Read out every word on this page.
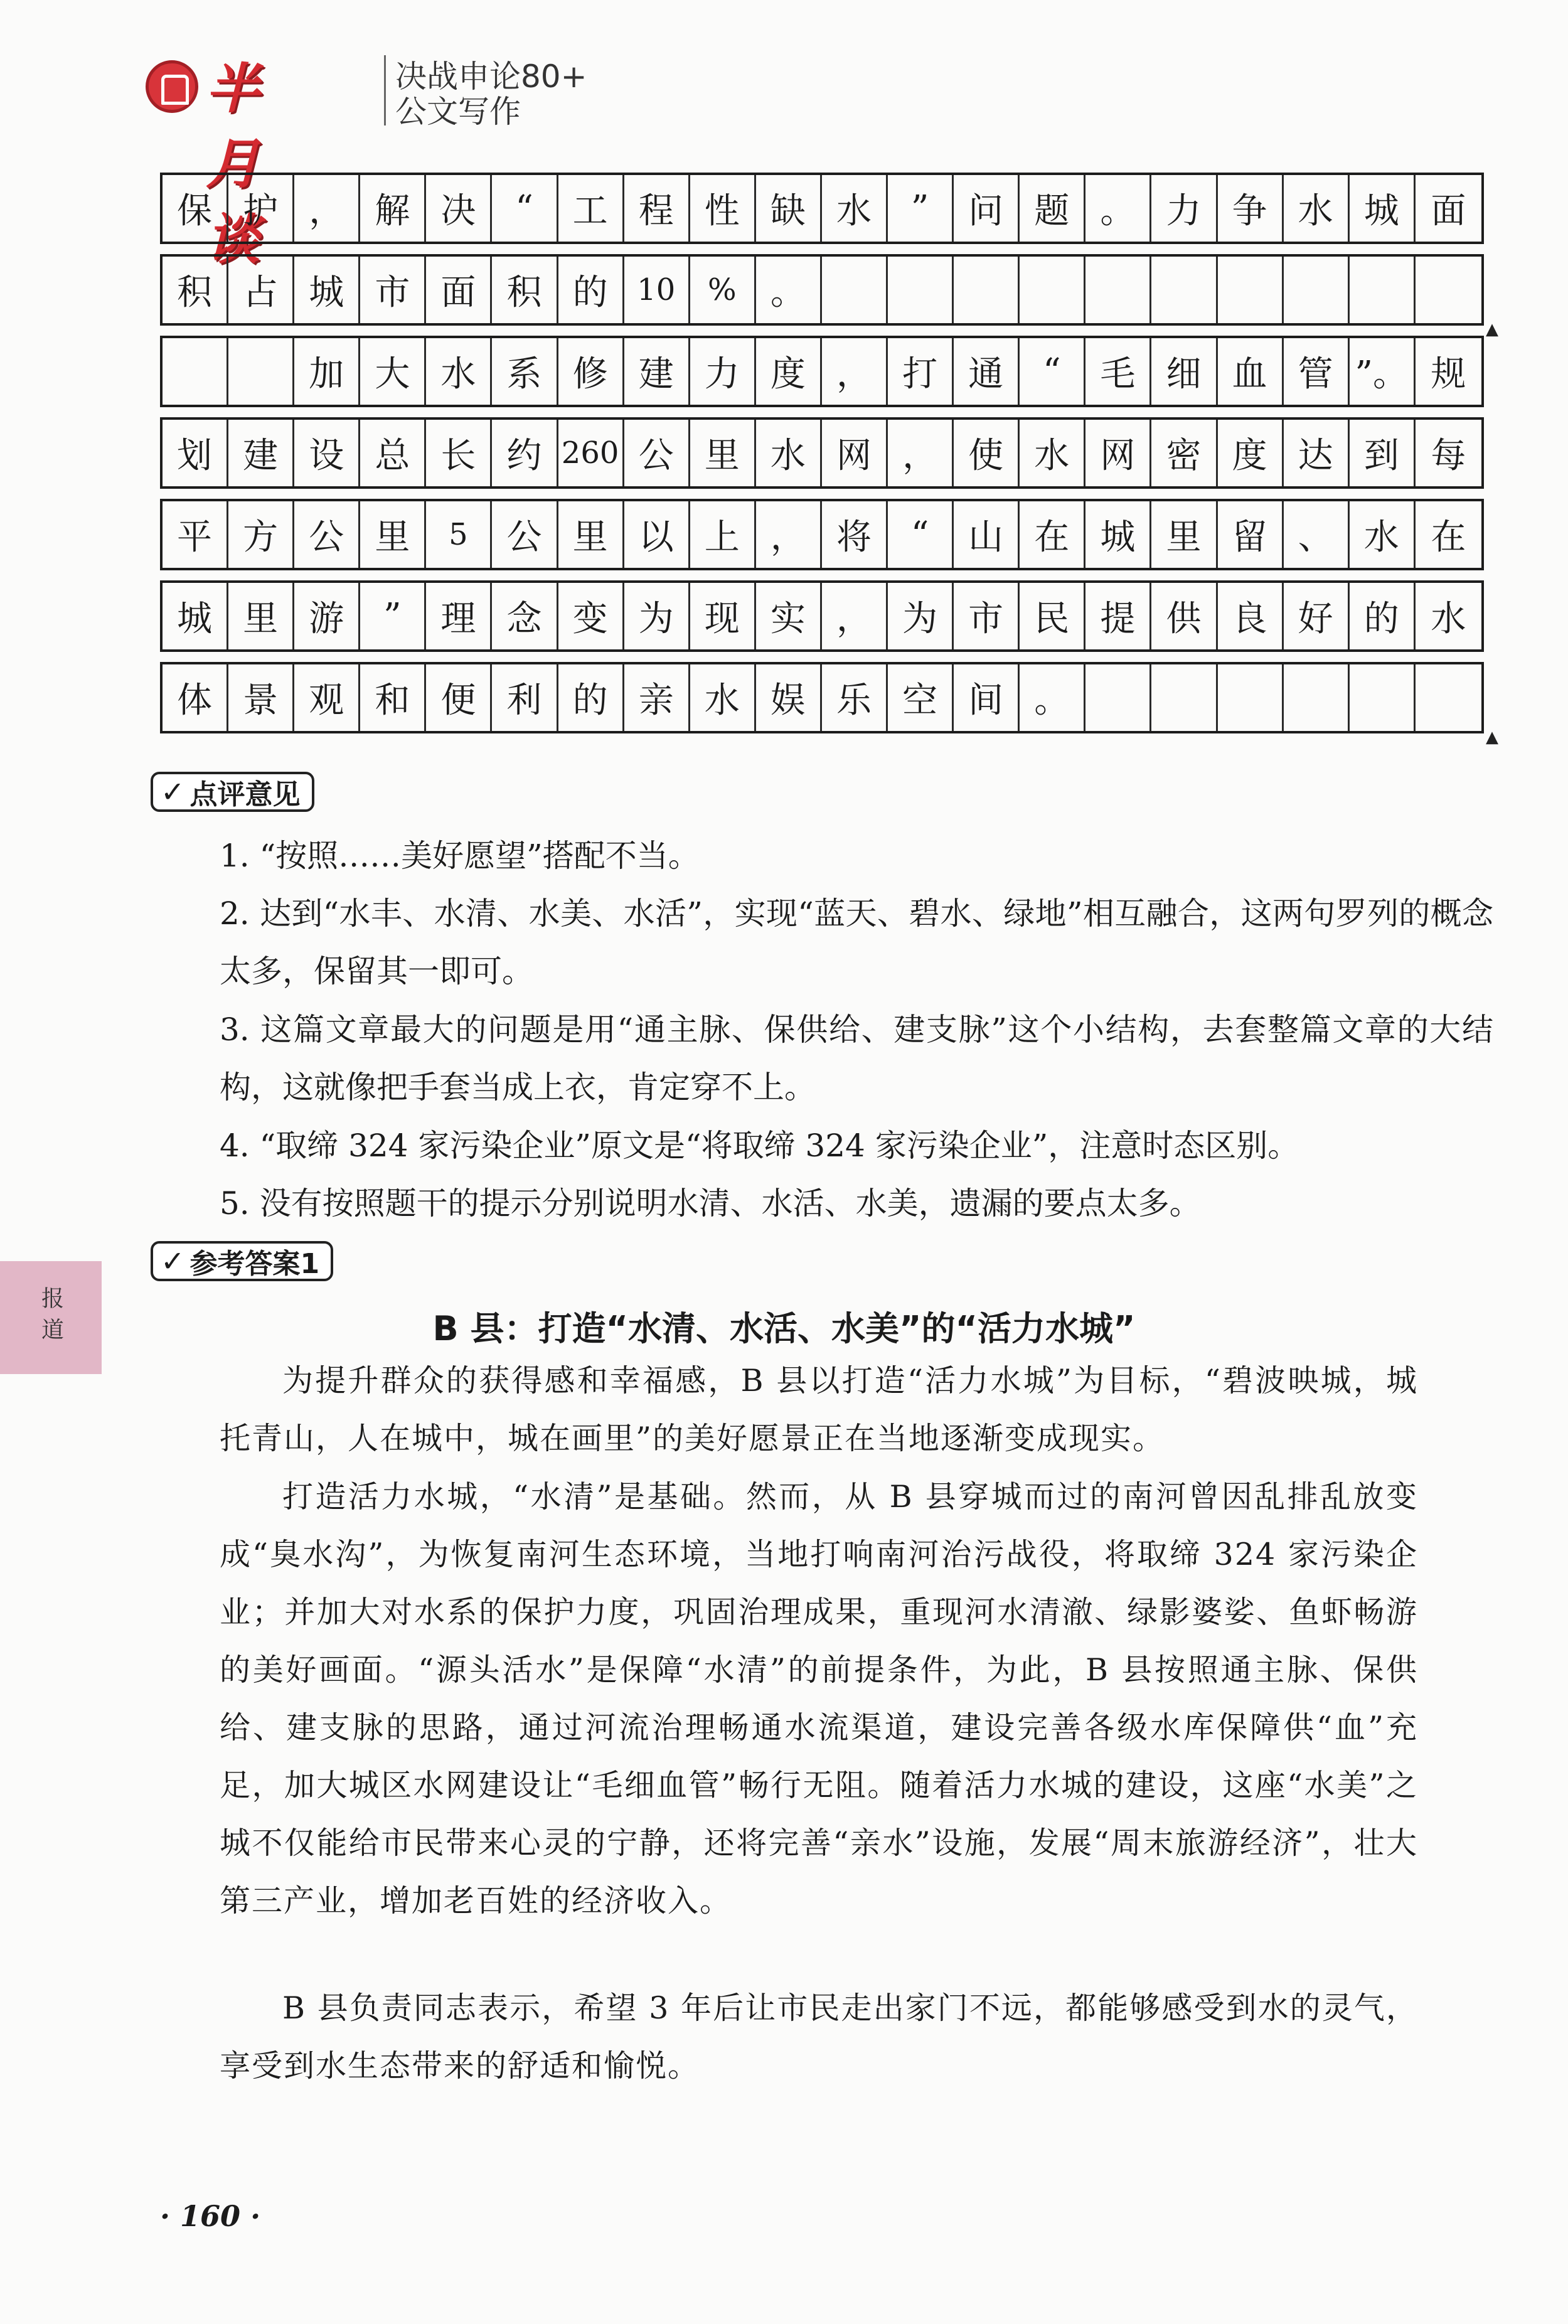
半月谈
决战申论80+
公文写作
保 护 ， 解 决	“	工 程 性 缺 水	”	问 题 。 力 争 水 城 面
积 占 城 市 面 积 的 10	% 。
加 大 水 系 修 建 力 度 ， 打 通	“	毛 细 血 管 ”。 规
划 建 设 总 长 约 260 公 里 水 网 ， 使 水 网 密 度 达 到 每
平 方 公 里	5	公 里 以 上 ， 将	“	山 在 城 里 留 、 水 在
城 里 游	”	理 念 变 为 现 实 ， 为 市 民 提 供 良 好 的 水
体 景 观 和 便 利 的 亲 水 娱 乐 空 间 。
▲
▲
✓ 点评意见
1. “按照……美好愿望”搭配不当。
2. 达到“水丰、水清、水美、水活”，实现“蓝天、碧水、绿地”相互融合，这两句罗列的概念太多，保留其一即可。
3. 这篇文章最大的问题是用“通主脉、保供给、建支脉”这个小结构，去套整篇文章的大结构，这就像把手套当成上衣，肯定穿不上。
4. “取缔 324 家污染企业”原文是“将取缔 324 家污染企业”，注意时态区别。
5. 没有按照题干的提示分别说明水清、水活、水美，遗漏的要点太多。
✓ 参考答案1
B 县：打造“水清、水活、水美”的“活力水城”
为提升群众的获得感和幸福感，B 县以打造“活力水城”为目标，“碧波映城，城托青山，人在城中，城在画里”的美好愿景正在当地逐渐变成现实。
打造活力水城，“水清”是基础。然而，从 B 县穿城而过的南河曾因乱排乱放变成“臭水沟”，为恢复南河生态环境，当地打响南河治污战役，将取缔 324 家污染企业；并加大对水系的保护力度，巩固治理成果，重现河水清澈、绿影婆娑、鱼虾畅游的美好画面。“源头活水”是保障“水清”的前提条件，为此，B 县按照通主脉、保供给、建支脉的思路，通过河流治理畅通水流渠道，建设完善各级水库保障供“血”充足，加大城区水网建设让“毛细血管”畅行无阻。随着活力水城的建设，这座“水美”之城不仅能给市民带来心灵的宁静，还将完善“亲水”设施，发展“周末旅游经济”，壮大第三产业，增加老百姓的经济收入。
B 县负责同志表示，希望 3 年后让市民走出家门不远，都能够感受到水的灵气，享受到水生态带来的舒适和愉悦。
报道
· 160 ·
